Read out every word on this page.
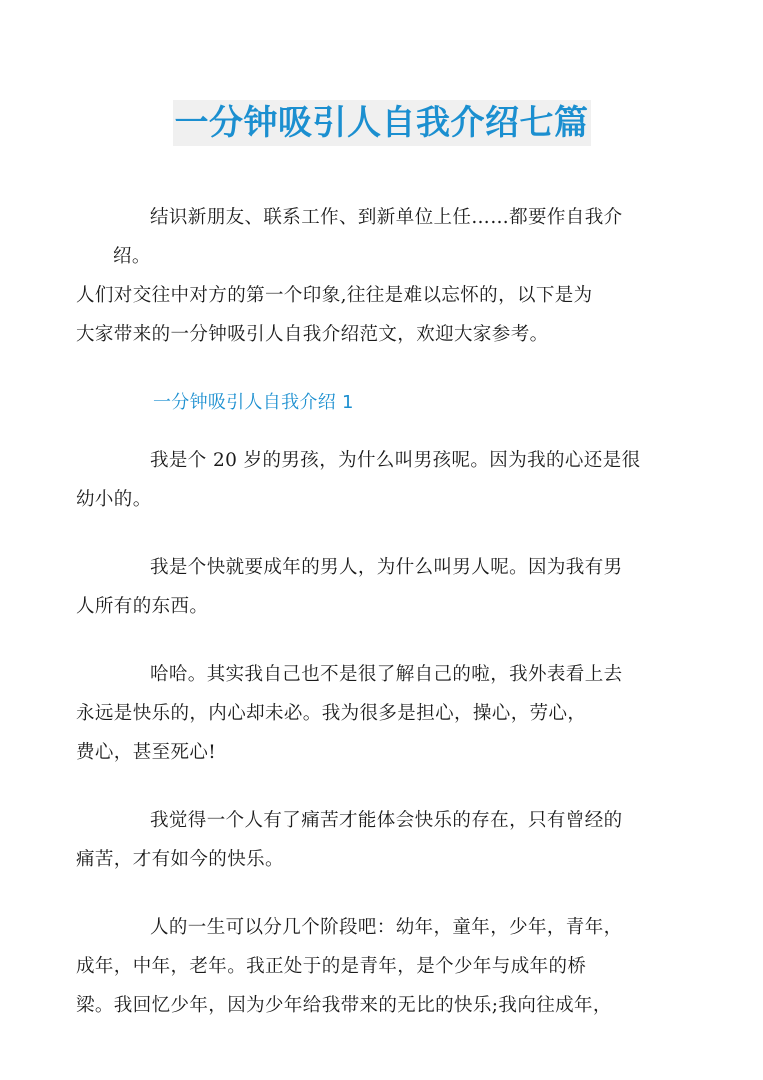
一分钟吸引人自我介绍七篇

结识新朋友、联系工作、到新单位上任……都要作自我介绍。
人们对交往中对方的第一个印象,往往是难以忘怀的，以下是为
大家带来的一分钟吸引人自我介绍范文，欢迎大家参考。

一分钟吸引人自我介绍 1

我是个 20 岁的男孩，为什么叫男孩呢。因为我的心还是很
幼小的。

我是个快就要成年的男人，为什么叫男人呢。因为我有男
人所有的东西。

哈哈。其实我自己也不是很了解自己的啦，我外表看上去
永远是快乐的，内心却未必。我为很多是担心，操心，劳心，
费心，甚至死心!

我觉得一个人有了痛苦才能体会快乐的存在，只有曾经的
痛苦，才有如今的快乐。

人的一生可以分几个阶段吧：幼年，童年，少年，青年，
成年，中年，老年。我正处于的是青年，是个少年与成年的桥
梁。我回忆少年，因为少年给我带来的无比的快乐;我向往成年，
